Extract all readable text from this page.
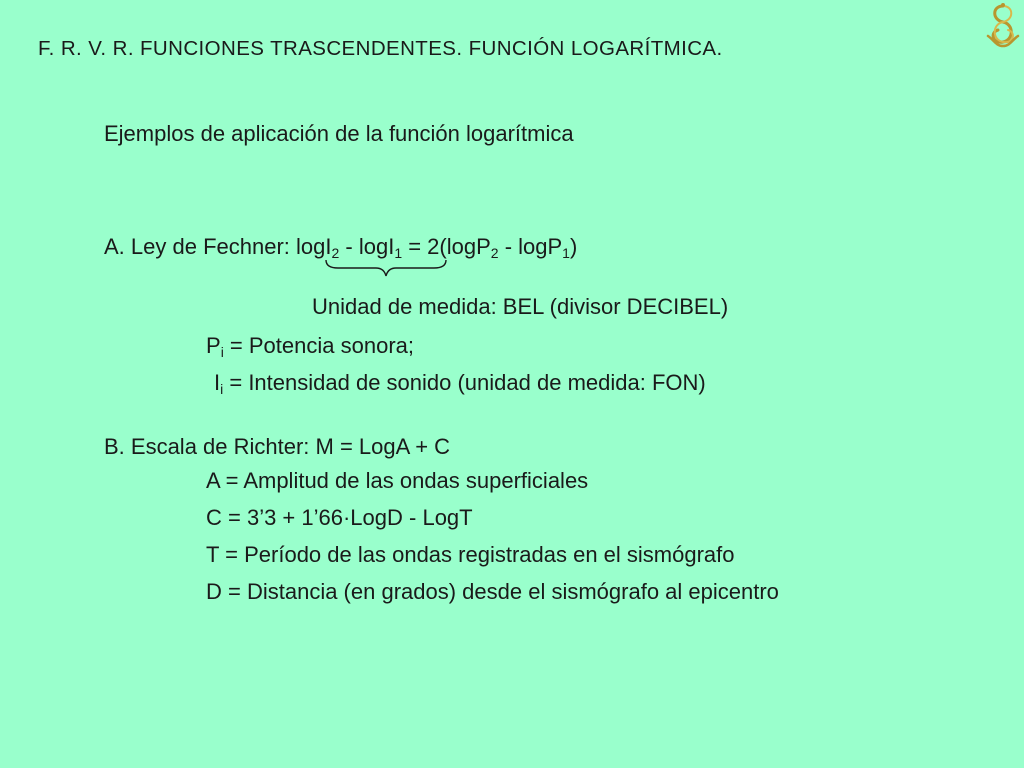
F. R. V. R. FUNCIONES TRASCENDENTES. FUNCIÓN LOGARÍTMICA.
Ejemplos de aplicación de la función logarítmica
A. Ley de Fechner: logI$_2$ - logI$_1$ = 2(logP$_2$ - logP$_1$)
Unidad de medida: BEL (divisor DECIBEL)
$P_i$ = Potencia sonora;
$I_i$ = Intensidad de sonido (unidad de medida: FON)
B. Escala de Richter: M = LogA + C
A = Amplitud de las ondas superficiales
C = 3’3 + 1’66·LogD - LogT
T = Período de las ondas registradas en el sismógrafo
D = Distancia (en grados) desde el sismógrafo al epicentro
